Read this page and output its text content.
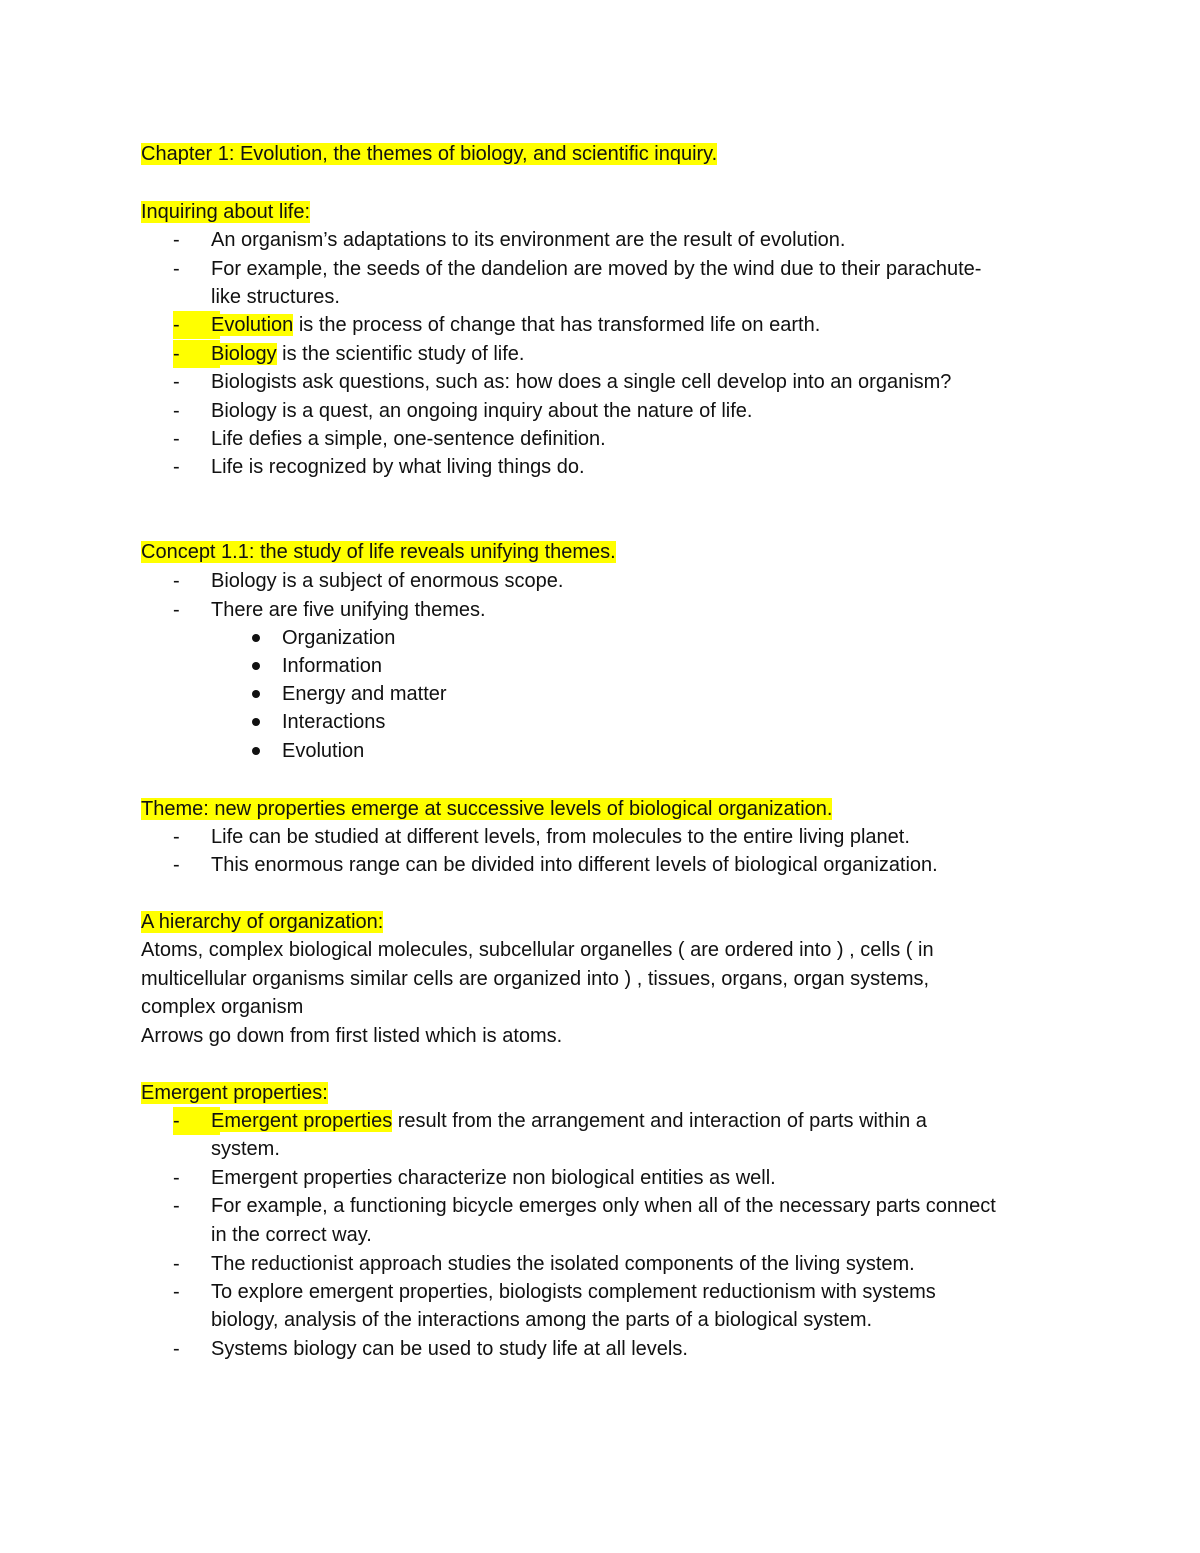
Chapter 1: Evolution, the themes of biology, and scientific inquiry.
Inquiring about life:
- An organism’s adaptations to its environment are the result of evolution.
- For example, the seeds of the dandelion are moved by the wind due to their parachute-
like structures.
-	Evolution is the process of change that has transformed life on earth.
-	Biology is the scientific study of life.
- Biologists ask questions, such as: how does a single cell develop into an organism?
- Biology is a quest, an ongoing inquiry about the nature of life.
- Life defies a simple, one-sentence definition.
- Life is recognized by what living things do.
Concept 1.1: the study of life reveals unifying themes.
- Biology is a subject of enormous scope.
- There are five unifying themes.
Organization
Information
Energy and matter
Interactions
Evolution
Theme: new properties emerge at successive levels of biological organization.
- Life can be studied at different levels, from molecules to the entire living planet.
- This enormous range can be divided into different levels of biological organization.
A hierarchy of organization:
Atoms, complex biological molecules, subcellular organelles ( are ordered into ) , cells ( in
multicellular organisms similar cells are organized into ) , tissues, organs, organ systems,
complex organism
Arrows go down from first listed which is atoms.
Emergent properties:
-	Emergent properties result from the arrangement and interaction of parts within a
system.
- Emergent properties characterize non biological entities as well.
- For example, a functioning bicycle emerges only when all of the necessary parts connect
in the correct way.
- The reductionist approach studies the isolated components of the living system.
- To explore emergent properties, biologists complement reductionism with systems
biology, analysis of the interactions among the parts of a biological system.
- Systems biology can be used to study life at all levels.
